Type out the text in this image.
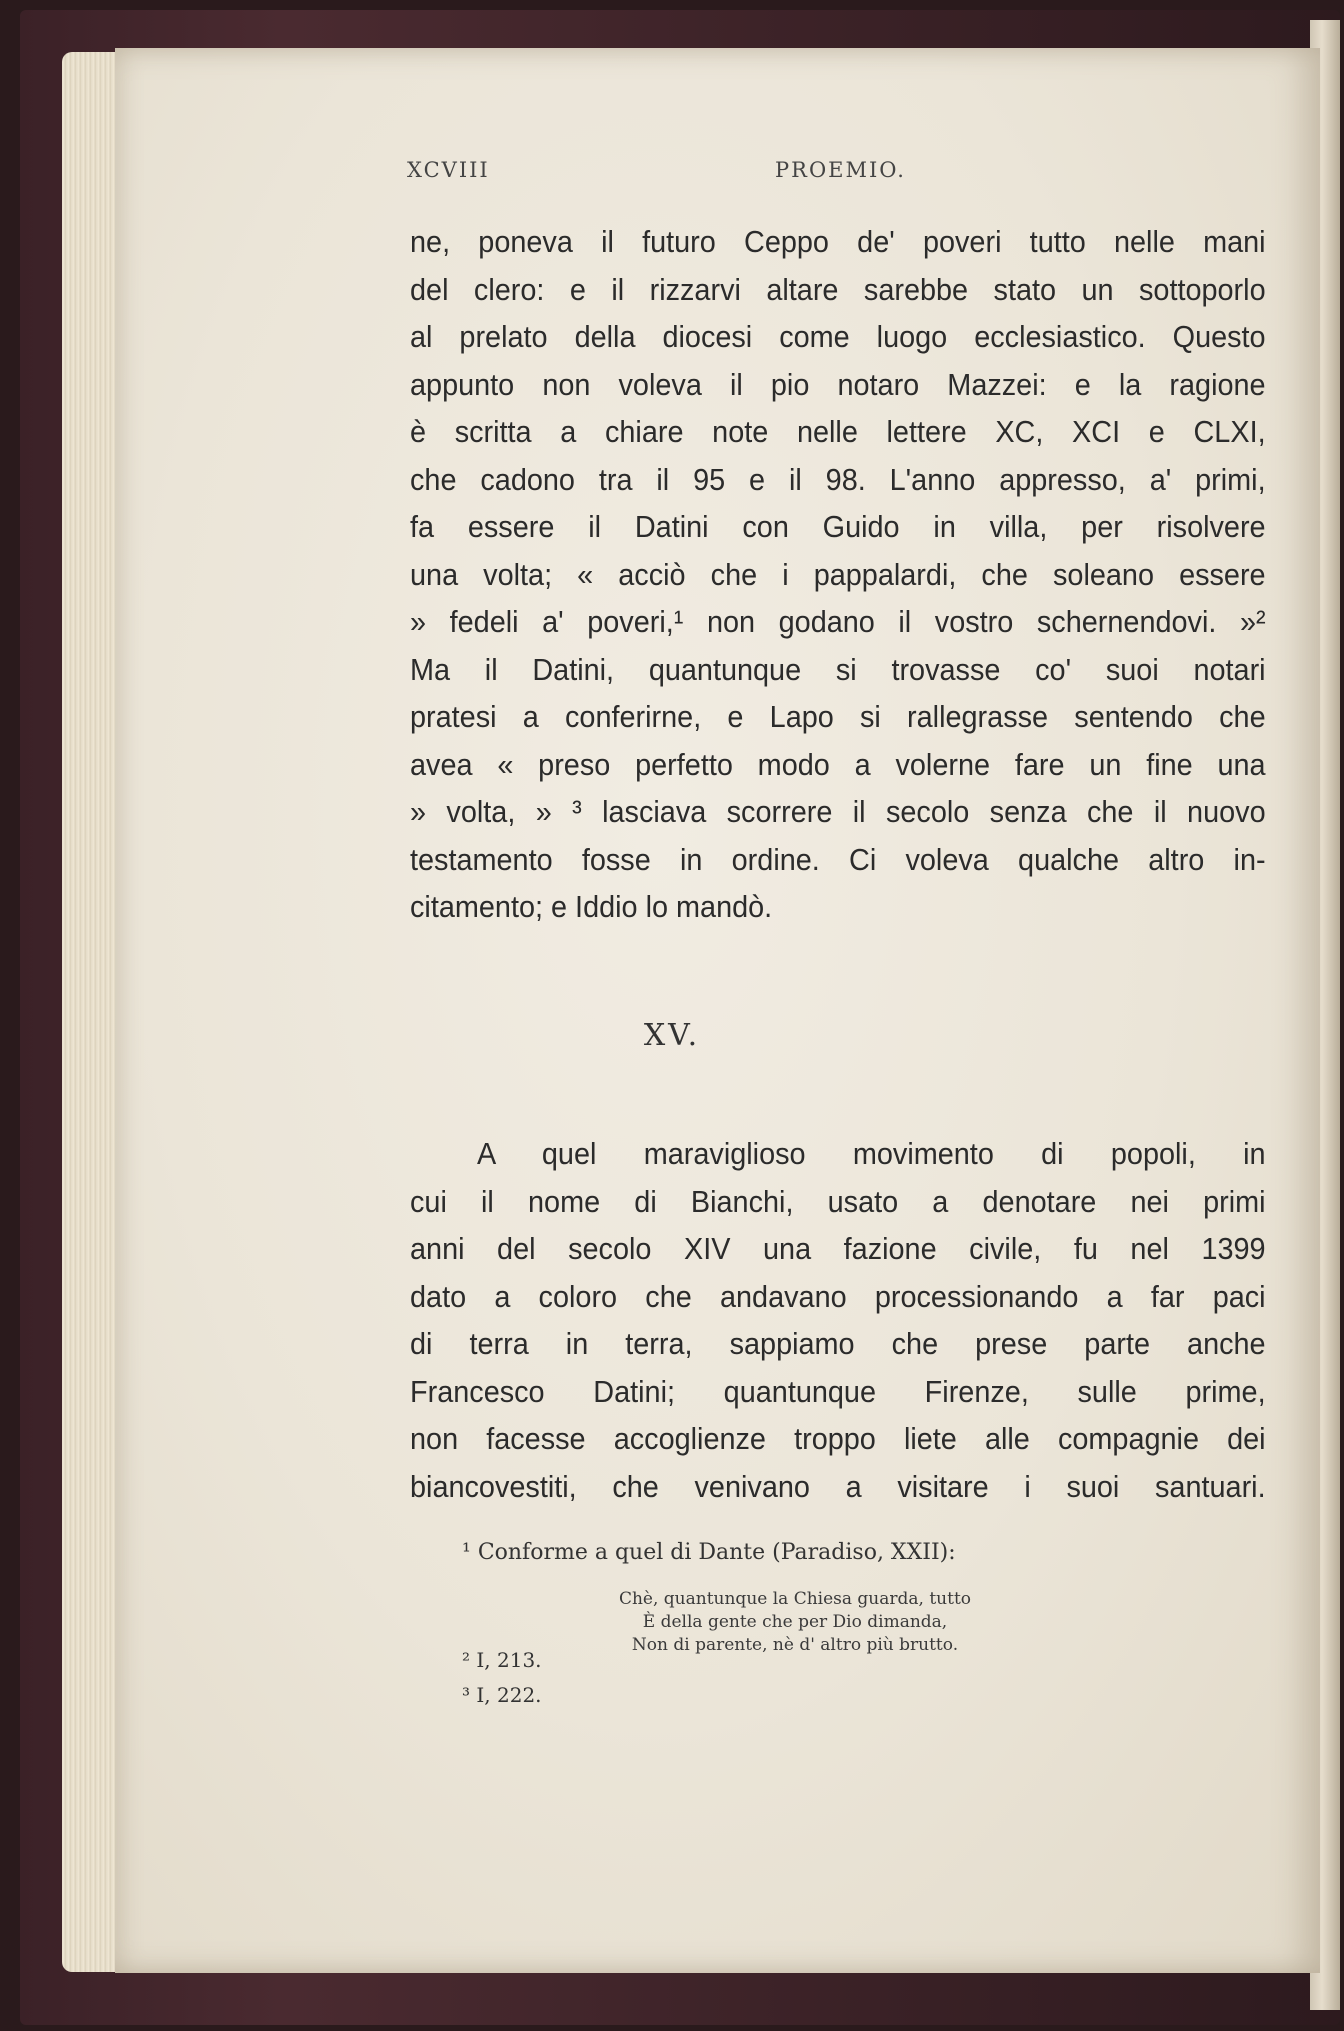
XCVIII	PROEMIO.
ne, poneva il futuro Ceppo de' poveri tutto nelle mani
del clero: e il rizzarvi altare sarebbe stato un sottoporlo
al prelato della diocesi come luogo ecclesiastico. Questo
appunto non voleva il pio notaro Mazzei: e la ragione
è scritta a chiare note nelle lettere XC, XCI e CLXI,
che cadono tra il 95 e il 98. L'anno appresso, a' primi,
fa essere il Datini con Guido in villa, per risolvere
una volta; « acciò che i pappalardi, che soleano essere
» fedeli a' poveri,¹ non godano il vostro schernendovi. »²
Ma il Datini, quantunque si trovasse co' suoi notari
pratesi a conferirne, e Lapo si rallegrasse sentendo che
avea « preso perfetto modo a volerne fare un fine una
» volta, » ³ lasciava scorrere il secolo senza che il nuovo
testamento fosse in ordine. Ci voleva qualche altro in-
citamento; e Iddio lo mandò.
XV.
A quel maraviglioso movimento di popoli, in
cui il nome di Bianchi, usato a denotare nei primi
anni del secolo XIV una fazione civile, fu nel 1399
dato a coloro che andavano processionando a far paci
di terra in terra, sappiamo che prese parte anche
Francesco Datini; quantunque Firenze, sulle prime,
non facesse accoglienze troppo liete alle compagnie dei
biancovestiti, che venivano a visitare i suoi santuari.
¹ Conforme a quel di Dante (Paradiso, XXII):
Chè, quantunque la Chiesa guarda, tutto
È della gente che per Dio dimanda,
Non di parente, nè d' altro più brutto.
² I, 213.
³ I, 222.
